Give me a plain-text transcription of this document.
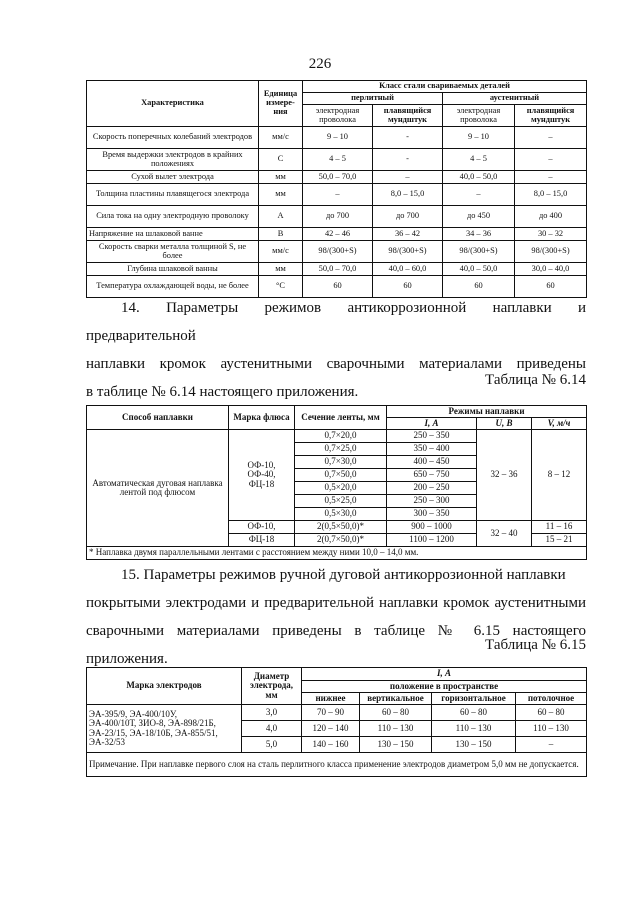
226
Характеристика	Единица измере-ния	Класс стали свариваемых деталей			
		перлитный		аустенитный	
		электродная проволока	плавящийся мундштук	электродная проволока	плавящийся мундштук
Скорость поперечных колебаний электродов	мм/с	9 – 10	-	9 – 10	–
Время выдержки электродов в крайних положениях	С	4 – 5	-	4 – 5	–
Сухой вылет электрода	мм	50,0 – 70,0	–	40,0 – 50,0	–
Толщина пластины плавящегося электрода	мм	–	8,0 – 15,0	–	8,0 – 15,0
Сила тока на одну электродную проволоку	А	до 700	до 700	до 450	до 400
Напряжение на шлаковой ванне	В	42 – 46	36 – 42	34 – 36	30 – 32
Скорость сварки металла толщиной S, не более	мм/с	98/(300+S)	98/(300+S)	98/(300+S)	98/(300+S)
Глубина шлаковой ванны	мм	50,0 – 70,0	40,0 – 60,0	40,0 – 50,0	30,0 – 40,0
Температура охлаждающей воды, не более	°С	60	60	60	60
14. Параметры режимов антикоррозионной наплавки и предварительной
наплавки кромок аустенитными сварочными материалами приведены
в таблице № 6.14 настоящего приложения.
Таблица № 6.14
Способ наплавки	Марка флюса	Сечение ленты, мм	Режимы наплавки		
			I, А	U, В	V, м/ч
Автоматическая дуговая наплавка лентой под флюсом	ОФ-10,
ОФ-40,
ФЦ-18	0,7×20,0	250 – 350	32 – 36	8 – 12
		0,7×25,0	350 – 400		
		0,7×30,0	400 – 450		
		0,7×50,0	650 – 750		
		0,5×20,0	200 – 250		
		0,5×25,0	250 – 300		
		0,5×30,0	300 – 350		
	ОФ-10,	2(0,5×50,0)*	900 – 1000	32 – 40	11 – 16
	ФЦ-18	2(0,7×50,0)*	1100 – 1200		15 – 21
* Наплавка двумя параллельными лентами с расстоянием между ними 10,0 – 14,0 мм.					
15. Параметры режимов ручной дуговой антикоррозионной наплавки
покрытыми электродами и предварительной наплавки кромок аустенитными
сварочными материалами приведены в таблице № 6.15 настоящего приложения.
Таблица № 6.15
Марка электродов	Диаметр электрода, мм	I, А			
		положение в пространстве			
		нижнее	вертикальное	горизонтальное	потолочное

ЭА-395/9, ЭА-400/10У,
ЭА-400/10Т, ЗИО-8, ЭА-898/21Б,
ЭА-23/15, ЭА-18/10Б, ЭА-855/51,
ЭА-32/53	3,0	70 – 90	60 – 80	60 – 80	60 – 80
	4,0	120 – 140	110 – 130	110 – 130	110 – 130
	5,0	140 – 160	130 – 150	130 – 150	–
Примечание. При наплавке первого слоя на сталь перлитного класса применение электродов диаметром 5,0 мм не допускается.					
